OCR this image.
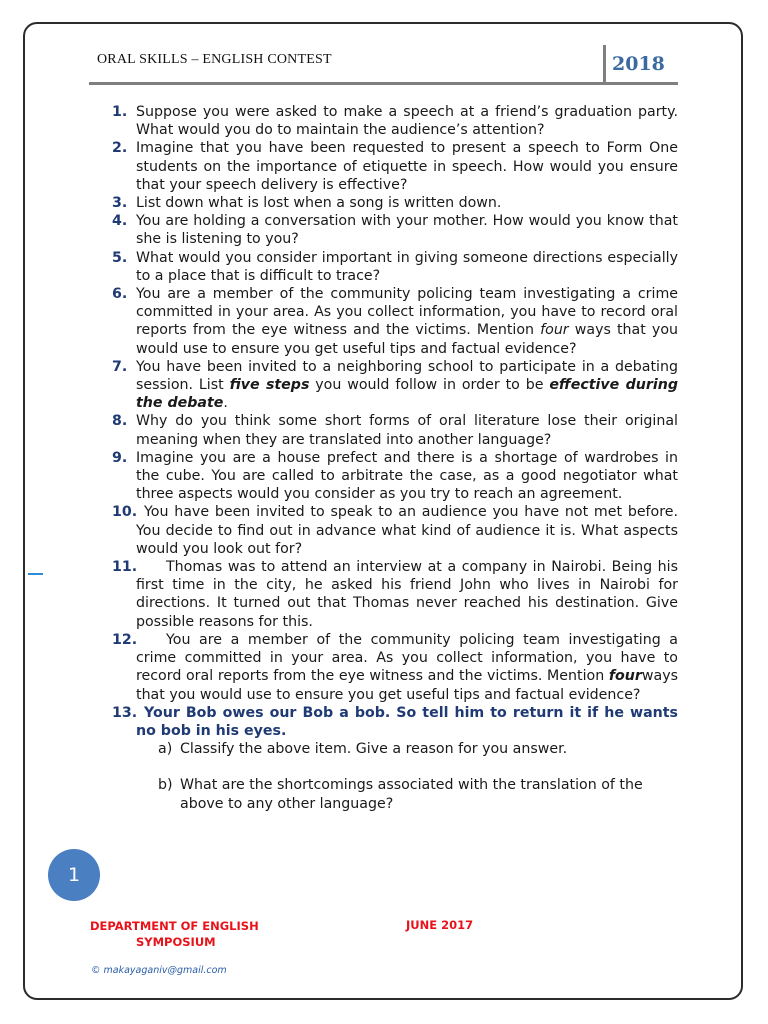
ORAL SKILLS – ENGLISH CONTEST	2018
1. Suppose you were asked to make a speech at a friend’s graduation party. What would you do to maintain the audience’s attention?
2. Imagine that you have been requested to present a speech to Form One students on the importance of etiquette in speech. How would you ensure that your speech delivery is effective?
3. List down what is lost when a song is written down.
4. You are holding a conversation with your mother. How would you know that she is listening to you?
5. What would you consider important in giving someone directions especially to a place that is difficult to trace?
6. You are a member of the community policing team investigating a crime committed in your area. As you collect information, you have to record oral reports from the eye witness and the victims. Mention four ways that you would use to ensure you get useful tips and factual evidence?
7. You have been invited to a neighboring school to participate in a debating session. List five steps you would follow in order to be effective during the debate.
8. Why do you think some short forms of oral literature lose their original meaning when they are translated into another language?
9. Imagine you are a house prefect and there is a shortage of wardrobes in the cube. You are called to arbitrate the case, as a good negotiator what three aspects would you consider as you try to reach an agreement.
10. You have been invited to speak to an audience you have not met before. You decide to find out in advance what kind of audience it is. What aspects would you look out for?
11. Thomas was to attend an interview at a company in Nairobi. Being his first time in the city, he asked his friend John who lives in Nairobi for directions. It turned out that Thomas never reached his destination. Give possible reasons for this.
12. You are a member of the community policing team investigating a crime committed in your area. As you collect information, you have to record oral reports from the eye witness and the victims. Mention fourways that you would use to ensure you get useful tips and factual evidence?
13. Your Bob owes our Bob a bob. So tell him to return it if he wants no bob in his eyes.
a) Classify the above item. Give a reason for you answer.
b) What are the shortcomings associated with the translation of the above to any other language?
1
DEPARTMENT OF ENGLISH
SYMPOSIUM
JUNE 2017
© makayaganiv@gmail.com
